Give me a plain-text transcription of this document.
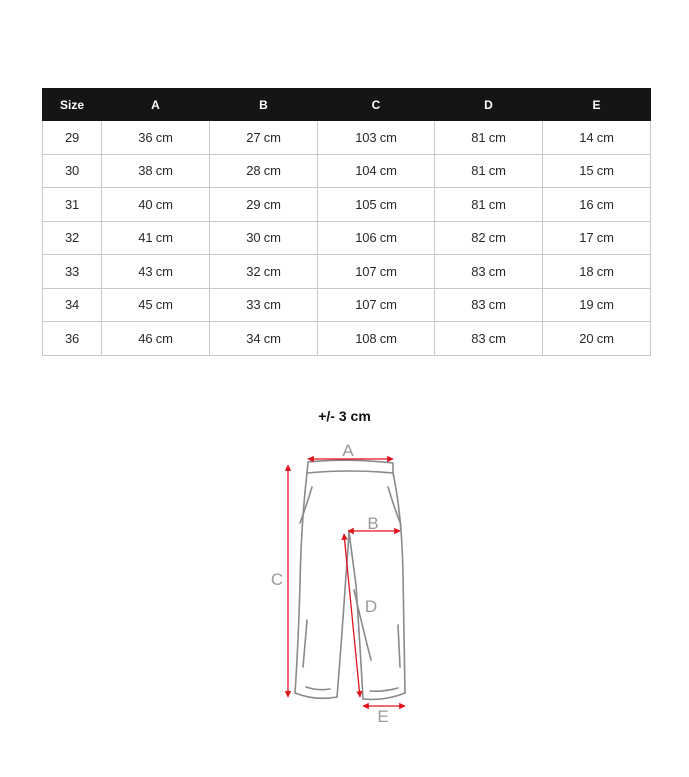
Size	A	B	C	D	E
29	36 cm	27 cm	103 cm	81 cm	14 cm
30	38 cm	28 cm	104 cm	81 cm	15 cm
31	40 cm	29 cm	105 cm	81 cm	16 cm
32	41 cm	30 cm	106 cm	82 cm	17 cm
33	43 cm	32 cm	107 cm	83 cm	18 cm
34	45 cm	33 cm	107 cm	83 cm	19 cm
36	46 cm	34 cm	108 cm	83 cm	20 cm
+/- 3 cm
A
B
C
D
E
